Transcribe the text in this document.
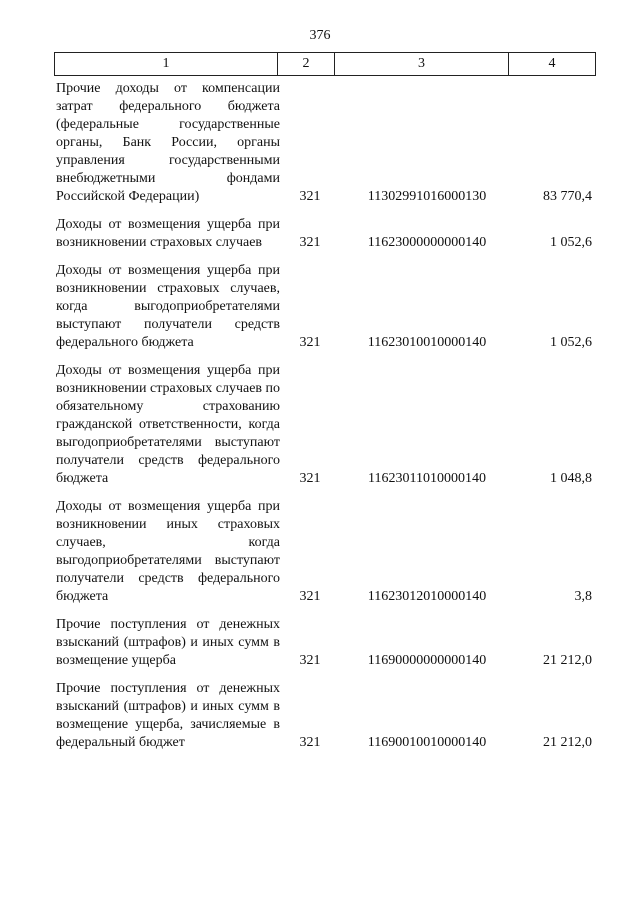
376
1	2	3	4
Прочие доходы от компенсации затрат федерального бюджета (федеральные государственные органы, Банк России, органы управления государственными внебюджетными фондами Российской Федерации)	321	11302991016000130	83 770,4
Доходы от возмещения ущерба при возникновении страховых случаев	321	11623000000000140	1 052,6
Доходы от возмещения ущерба при возникновении страховых случаев, когда выгодоприобретателями выступают получатели средств федерального бюджета	321	11623010010000140	1 052,6
Доходы от возмещения ущерба при возникновении страховых случаев по обязательному страхованию гражданской ответственности, когда выгодоприобретателями выступают получатели средств федерального бюджета	321	11623011010000140	1 048,8
Доходы от возмещения ущерба при возникновении иных страховых случаев, когда выгодоприобретателями выступают получатели средств федерального бюджета	321	11623012010000140	3,8
Прочие поступления от денежных взысканий (штрафов) и иных сумм в возмещение ущерба	321	11690000000000140	21 212,0
Прочие поступления от денежных взысканий (штрафов) и иных сумм в возмещение ущерба, зачисляемые в федеральный бюджет	321	11690010010000140	21 212,0
